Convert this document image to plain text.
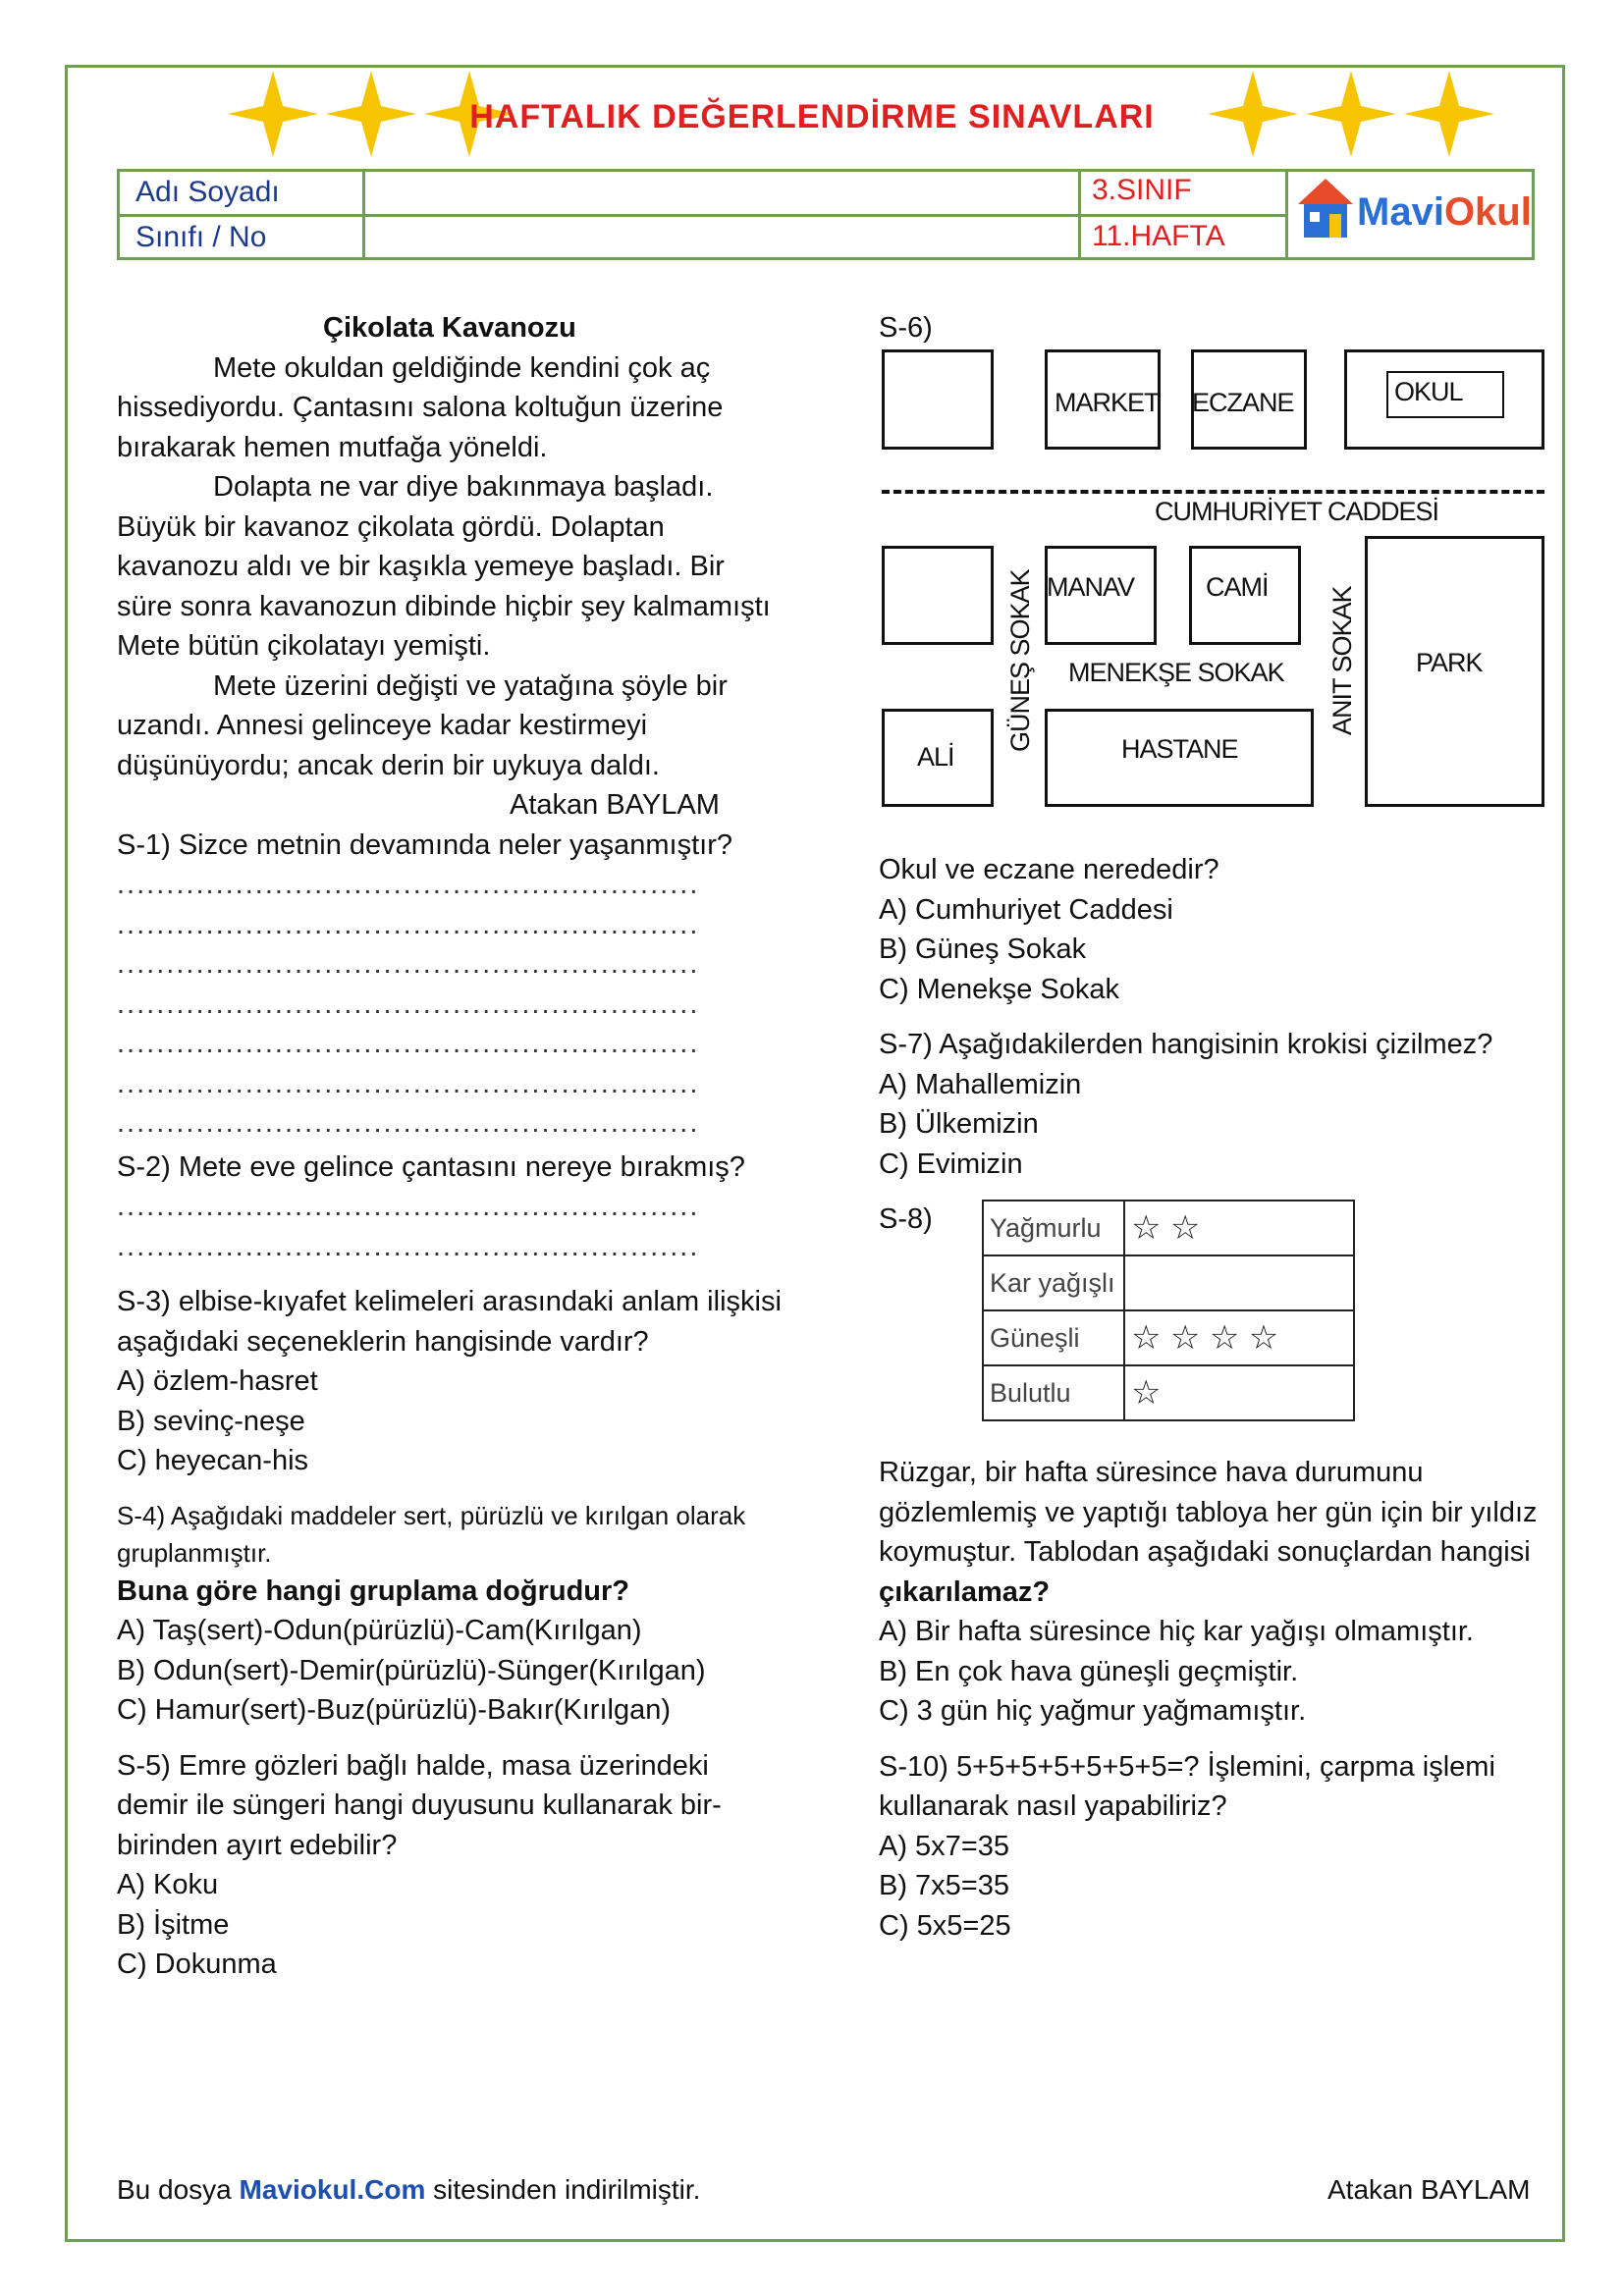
HAFTALIK DEĞERLENDİRME SINAVLARI
Adı Soyadı
Sınıfı / No
3.SINIF
11.HAFTA
MaviOkul

Çikolata Kavanozu

Mete okuldan geldiğinde kendini çok aç hissediyordu. Çantasını salona koltuğun üzerine bırakarak hemen mutfağa yöneldi.

Dolapta ne var diye bakınmaya başladı. Büyük bir kavanoz çikolata gördü. Dolaptan kavanozu aldı ve bir kaşıkla yemeye başladı. Bir süre sonra kavanozun dibinde hiçbir şey kalmamıştı Mete bütün çikolatayı yemişti.

Mete üzerini değişti ve yatağına şöyle bir uzandı. Annesi gelinceye kadar kestirmeyi düşünüyordu; ancak derin bir uykuya daldı.

Atakan BAYLAM

S-1) Sizce metnin devamında neler yaşanmıştır?

...........................................................

...........................................................

...........................................................

...........................................................

...........................................................

...........................................................

...........................................................

S-2) Mete eve gelince çantasını nereye bırakmış?

...........................................................

...........................................................

S-3) elbise-kıyafet kelimeleri arasındaki anlam ilişkisi aşağıdaki seçeneklerin hangisinde vardır?

A) özlem-hasret

B) sevinç-neşe

C) heyecan-his

S-4) Aşağıdaki maddeler sert, pürüzlü ve kırılgan olarak gruplanmıştır.

Buna göre hangi gruplama doğrudur?

A) Taş(sert)-Odun(pürüzlü)-Cam(Kırılgan)

B) Odun(sert)-Demir(pürüzlü)-Sünger(Kırılgan)

C) Hamur(sert)-Buz(pürüzlü)-Bakır(Kırılgan)

S-5) Emre gözleri bağlı halde, masa üzerindeki demir ile süngeri hangi duyusunu kullanarak bir-birinden ayırt edebilir?

A) Koku

B) İşitme

C) Dokunma

S-6)
MARKET ECZANE	OKUL
CUMHURİYET CADDESİ
MANAV	CAMİ
PARK
GÜNEŞ SOKAK MENEKŞE SOKAK ANIT SOKAK
ALİ	HASTANE

Okul ve eczane nerededir?

A) Cumhuriyet Caddesi

B) Güneş Sokak

C) Menekşe Sokak

S-7) Aşağıdakilerden hangisinin krokisi çizilmez?

A) Mahallemizin

B) Ülkemizin

C) Evimizin

S-8)	Yağmurlu	☆ ☆
Kar yağışlı	
Güneşli	☆ ☆ ☆ ☆
Bulutlu	☆

Rüzgar, bir hafta süresince hava durumunu gözlemlemiş ve yaptığı tabloya her gün için bir yıldız koymuştur. Tablodan aşağıdaki sonuçlardan hangisi çıkarılamaz?

A) Bir hafta süresince hiç kar yağışı olmamıştır.

B) En çok hava güneşli geçmiştir.

C) 3 gün hiç yağmur yağmamıştır.

S-10) 5+5+5+5+5+5+5=? İşlemini, çarpma işlemi kullanarak nasıl yapabiliriz?

A) 5x7=35

B) 7x5=35

C) 5x5=25

Bu dosya Maviokul.Com sitesinden indirilmiştir.	Atakan BAYLAM
